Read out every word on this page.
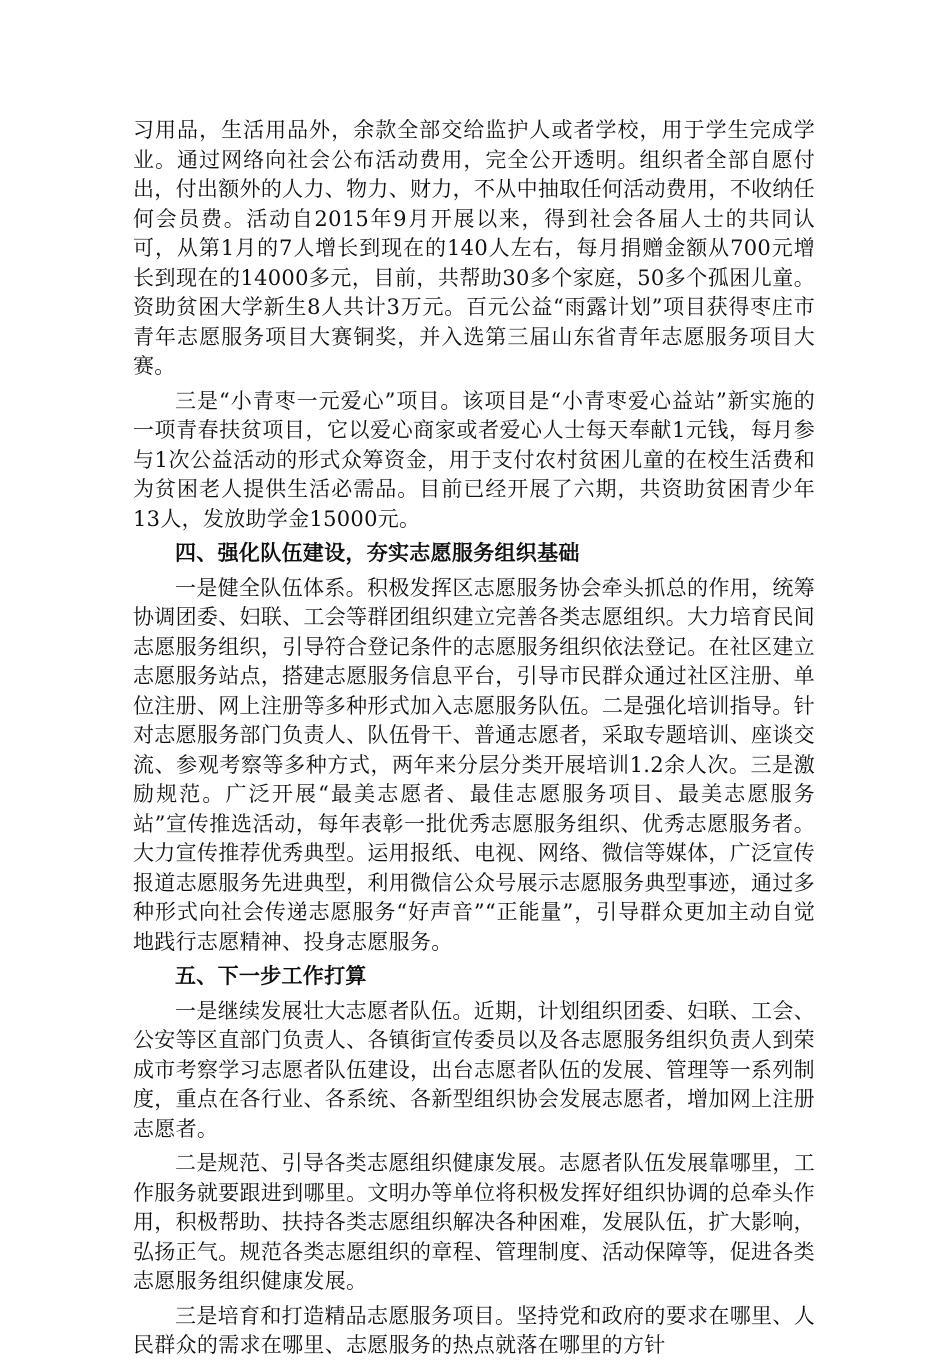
习用品，生活用品外，余款全部交给监护人或者学校，用于学生完成学业。通过网络向社会公布活动费用，完全公开透明。组织者全部自愿付出，付出额外的人力、物力、财力，不从中抽取任何活动费用，不收纳任何会员费。活动自2015年9月开展以来，得到社会各届人士的共同认可，从第1月的7人增长到现在的140人左右，每月捐赠金额从700元增长到现在的14000多元，目前，共帮助30多个家庭，50多个孤困儿童。资助贫困大学新生8人共计3万元。百元公益“雨露计划”项目获得枣庄市青年志愿服务项目大赛铜奖，并入选第三届山东省青年志愿服务项目大赛。

三是“小青枣一元爱心”项目。该项目是“小青枣爱心益站”新实施的一项青春扶贫项目，它以爱心商家或者爱心人士每天奉献1元钱，每月参与1次公益活动的形式众筹资金，用于支付农村贫困儿童的在校生活费和为贫困老人提供生活必需品。目前已经开展了六期，共资助贫困青少年13人，发放助学金15000元。

四、强化队伍建设，夯实志愿服务组织基础

一是健全队伍体系。积极发挥区志愿服务协会牵头抓总的作用，统筹协调团委、妇联、工会等群团组织建立完善各类志愿组织。大力培育民间志愿服务组织，引导符合登记条件的志愿服务组织依法登记。在社区建立志愿服务站点，搭建志愿服务信息平台，引导市民群众通过社区注册、单位注册、网上注册等多种形式加入志愿服务队伍。二是强化培训指导。针对志愿服务部门负责人、队伍骨干、普通志愿者，采取专题培训、座谈交流、参观考察等多种方式，两年来分层分类开展培训1.2余人次。三是激励规范。广泛开展“最美志愿者、最佳志愿服务项目、最美志愿服务站”宣传推选活动，每年表彰一批优秀志愿服务组织、优秀志愿服务者。大力宣传推荐优秀典型。运用报纸、电视、网络、微信等媒体，广泛宣传报道志愿服务先进典型，利用微信公众号展示志愿服务典型事迹，通过多种形式向社会传递志愿服务“好声音”“正能量”，引导群众更加主动自觉地践行志愿精神、投身志愿服务。

五、下一步工作打算

一是继续发展壮大志愿者队伍。近期，计划组织团委、妇联、工会、公安等区直部门负责人、各镇街宣传委员以及各志愿服务组织负责人到荣成市考察学习志愿者队伍建设，出台志愿者队伍的发展、管理等一系列制度，重点在各行业、各系统、各新型组织协会发展志愿者，增加网上注册志愿者。

二是规范、引导各类志愿组织健康发展。志愿者队伍发展靠哪里，工作服务就要跟进到哪里。文明办等单位将积极发挥好组织协调的总牵头作用，积极帮助、扶持各类志愿组织解决各种困难，发展队伍，扩大影响，弘扬正气。规范各类志愿组织的章程、管理制度、活动保障等，促进各类志愿服务组织健康发展。

三是培育和打造精品志愿服务项目。坚持党和政府的要求在哪里、人民群众的需求在哪里、志愿服务的热点就落在哪里的方针
